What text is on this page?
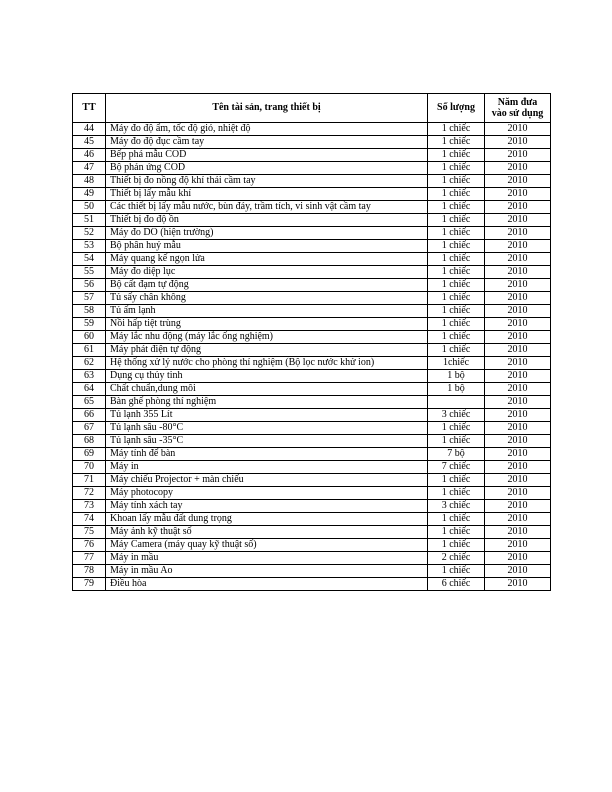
TT	Tên tài sản, trang thiết bị	Số lượng	Năm đưa
vào sử dụng
44	Máy đo độ ẩm, tốc độ gió, nhiệt độ	1 chiếc	2010
45	Máy đo độ đục cầm tay	1 chiếc	2010
46	Bếp phá mẫu COD	1 chiếc	2010
47	Bộ phản ứng COD	1 chiếc	2010
48	Thiết bị đo nồng độ khí thải cầm tay	1 chiếc	2010
49	Thiết bị lấy mẫu khí	1 chiếc	2010
50	Các thiết bị lấy mẫu nước, bùn đáy, trầm tích, vi sinh vật cầm tay	1 chiếc	2010
51	Thiết bị đo độ ồn	1 chiếc	2010
52	Máy đo DO (hiện trường)	1 chiếc	2010
53	Bộ phân huỷ mẫu	1 chiếc	2010
54	Máy quang kế ngọn lửa	1 chiếc	2010
55	Máy đo diệp lục	1 chiếc	2010
56	Bộ cất đạm tự động	1 chiếc	2010
57	Tủ sấy chân không	1 chiếc	2010
58	Tủ ấm lạnh	1 chiếc	2010
59	Nồi hấp tiệt trùng	1 chiếc	2010
60	Máy lắc nhu động (máy lắc ống nghiệm)	1 chiếc	2010
61	Máy phát điện tự động	1 chiếc	2010
62	Hệ thống xử lý nước cho phòng thí nghiệm (Bộ lọc nước khử ion)	1chiếc	2010
63	Dụng cụ thủy tinh	1 bộ	2010
64	Chất chuẩn,dung môi	1 bộ	2010
65	Bàn ghế phòng thí nghiệm		2010
66	Tủ lạnh 355 Lít	3 chiếc	2010
67	Tủ lạnh sâu -80°C	1 chiếc	2010
68	Tủ lạnh sâu -35°C	1 chiếc	2010
69	Máy tính để bàn	7 bộ	2010
70	Máy in	7 chiếc	2010
71	Máy chiếu Projector + màn chiếu	1 chiếc	2010
72	Máy photocopy	1 chiếc	2010
73	Máy tính xách tay	3 chiếc	2010
74	Khoan lấy mẫu đất dung trọng	1 chiếc	2010
75	Máy ảnh kỹ thuật số	1 chiếc	2010
76	Máy Camera (máy quay kỹ thuật số)	1 chiếc	2010
77	Máy in mầu	2 chiếc	2010
78	Máy in mầu Ao	1 chiếc	2010
79	Điều hòa	6 chiếc	2010
